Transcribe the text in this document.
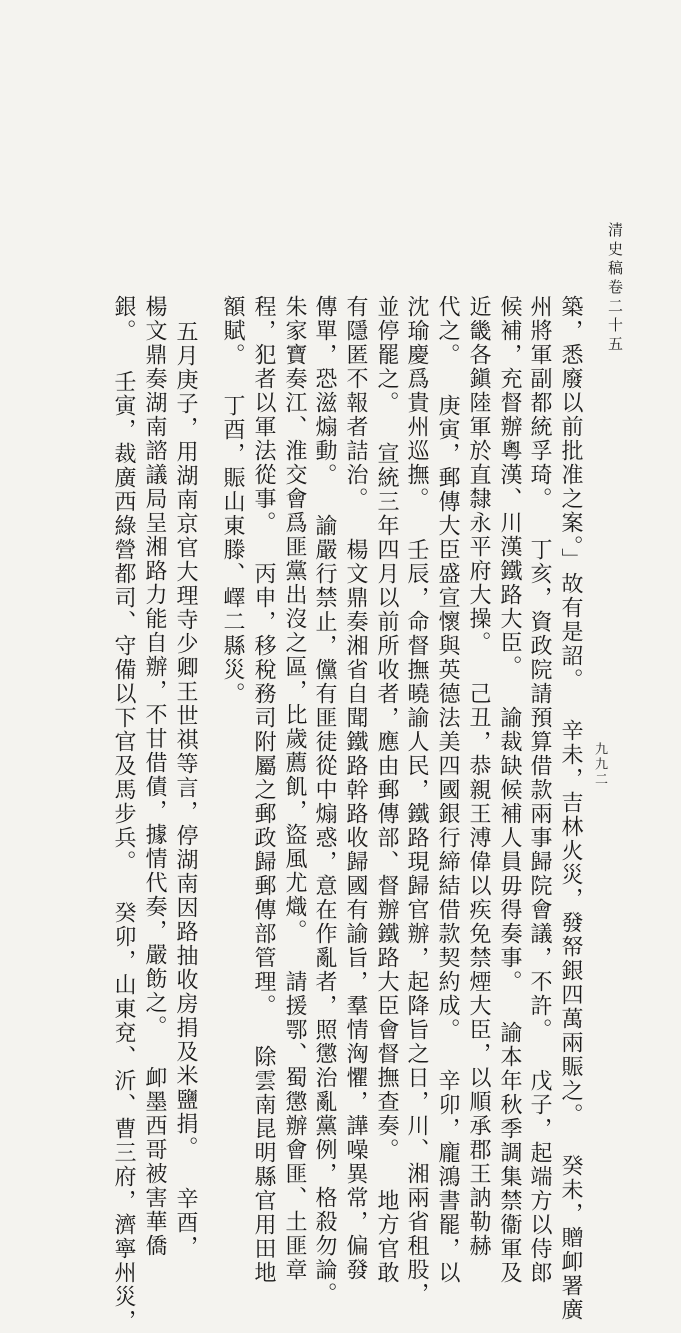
清史稿卷二十五
九九二
築，悉廢以前批准之案。」故有是詔。 辛未，吉林火災，發帑銀四萬兩賑之。 癸未，贈卹署廣
州將軍副都統孚琦。 丁亥，資政院請預算借款兩事歸院會議，不許。 戊子，起端方以侍郎
候補，充督辦粵漢、川漢鐵路大臣。 諭裁缺候補人員毋得奏事。 諭本年秋季調集禁衞軍及
近畿各鎭陸軍於直隸永平府大操。 己丑，恭親王溥偉以疾免禁煙大臣，以順承郡王訥勒赫
代之。 庚寅，郵傳大臣盛宣懷與英德法美四國銀行締結借款契約成。 辛卯，龐鴻書罷，以
沈瑜慶爲貴州巡撫。 壬辰，命督撫曉諭人民，鐵路現歸官辦，起降旨之日，川、湘兩省租股，
並停罷之。 宣統三年四月以前所收者，應由郵傳部、督辦鐵路大臣會督撫查奏。 地方官敢
有隱匿不報者詰治。 楊文鼎奏湘省自聞鐵路幹路收歸國有諭旨，羣情洶懼，譁噪異常，偏發
傳單，恐滋煽動。 諭嚴行禁止，儻有匪徒從中煽惑，意在作亂者，照懲治亂黨例，格殺勿論。
朱家寶奏江、淮交會爲匪黨出沒之區，比歲薦飢，盜風尤熾。 請援鄂、蜀懲辦會匪、土匪章
程，犯者以軍法從事。 丙申，移稅務司附屬之郵政歸郵傳部管理。 除雲南昆明縣官用田地
額賦。 丁酉，賑山東滕、嶧二縣災。
五月庚子，用湖南京官大理寺少卿王世祺等言，停湖南因路抽收房捐及米鹽捐。 辛酉，
楊文鼎奏湖南諮議局呈湘路力能自辦，不甘借債，據情代奏，嚴飭之。 卹墨西哥被害華僑
銀。 壬寅，裁廣西綠營都司、守備以下官及馬步兵。 癸卯，山東兗、沂、曹三府，濟寧州災，
